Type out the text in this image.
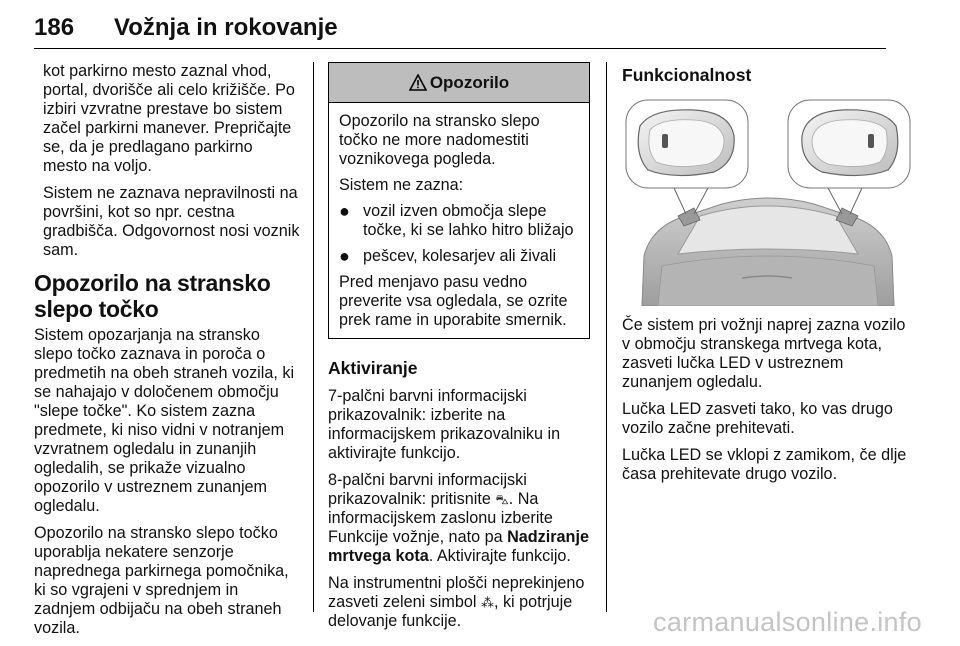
186 Vožnja in rokovanje

kot parkirno mesto zaznal vhod, portal, dvorišče ali celo križišče. Po izbiri vzvratne prestave bo sistem začel parkirni manever. Prepričajte se, da je predlagano parkirno mesto na voljo.

Sistem ne zaznava nepravilnosti na površini, kot so npr. cestna gradbišča. Odgovornost nosi voznik sam.

Opozorilo na stransko slepo točko

Sistem opozarjanja na stransko slepo točko zaznava in poroča o predmetih na obeh straneh vozila, ki se nahajajo v določenem območju "slepe točke". Ko sistem zazna predmete, ki niso vidni v notranjem vzvratnem ogledalu in zunanjih ogledalih, se prikaže vizualno opozorilo v ustreznem zunanjem ogledalu.

Opozorilo na stransko slepo točko uporablja nekatere senzorje naprednega parkirnega pomočnika, ki so vgrajeni v sprednjem in zadnjem odbijaču na obeh straneh vozila.

Opozorilo

Opozorilo na stransko slepo točko ne more nadomestiti voznikovega pogleda.

Sistem ne zazna:

● vozil izven območja slepe točke, ki se lahko hitro bližajo
● pešcev, kolesarjev ali živali

Pred menjavo pasu vedno preverite vsa ogledala, se ozrite prek rame in uporabite smernik.

Aktiviranje

7-palčni barvni informacijski prikazovalnik: izberite na informacijskem prikazovalniku in aktivirajte funkcijo.

8-palčni barvni informacijski prikazovalnik: pritisnite ⛍. Na informacijskem zaslonu izberite Funkcije vožnje, nato pa Nadziranje mrtvega kota. Aktivirajte funkcijo.

Na instrumentni plošči neprekinjeno zasveti zeleni simbol ⁂, ki potrjuje delovanje funkcije.

Funkcionalnost

Če sistem pri vožnji naprej zazna vozilo v območju stranskega mrtvega kota, zasveti lučka LED v ustreznem zunanjem ogledalu.

Lučka LED zasveti tako, ko vas drugo vozilo začne prehitevati.

Lučka LED se vklopi z zamikom, če dlje časa prehitevate drugo vozilo.

carmanualsonline.info
